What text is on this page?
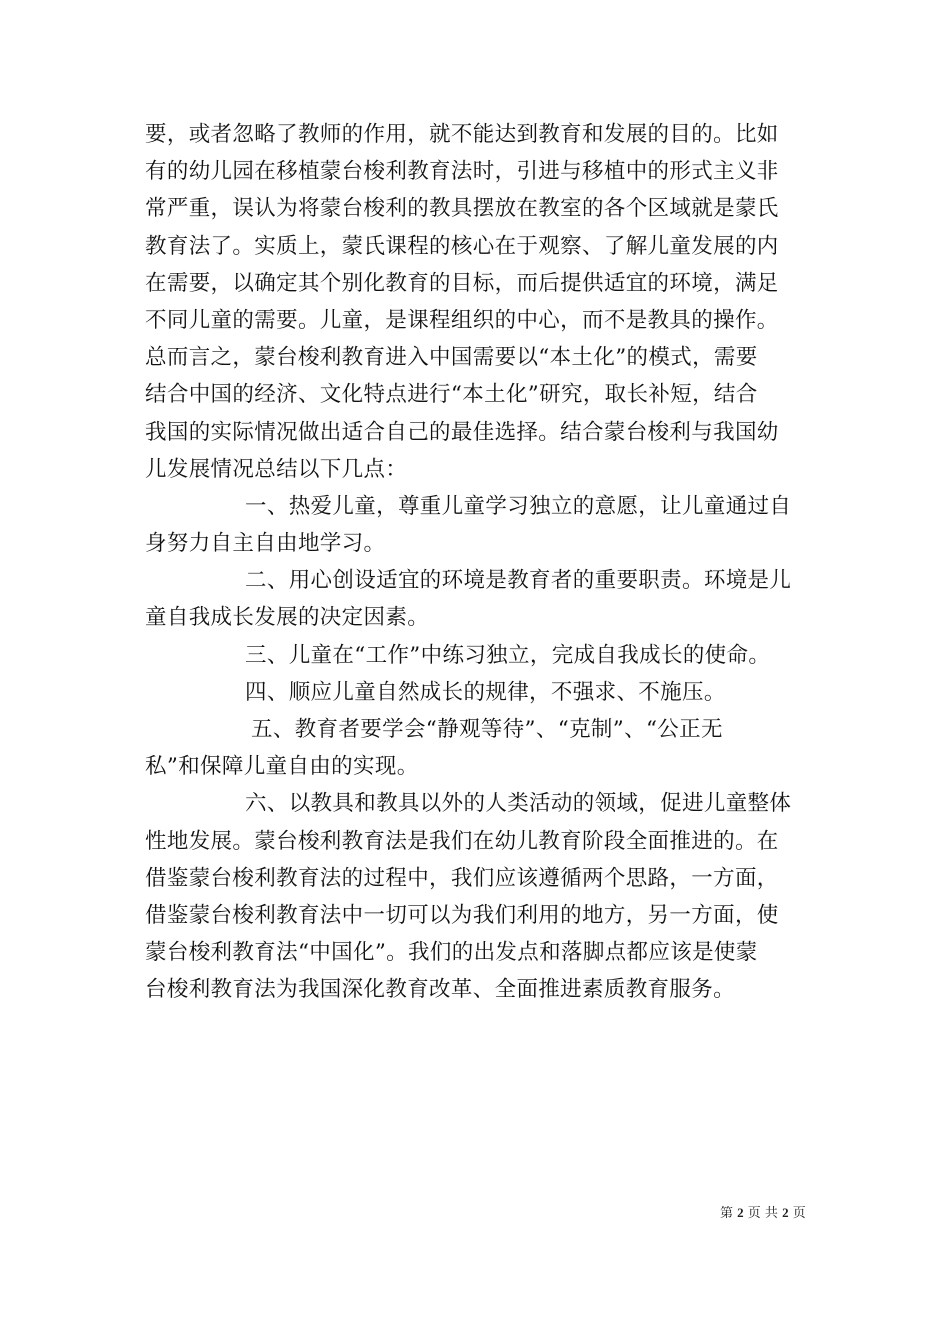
要，或者忽略了教师的作用，就不能达到教育和发展的目的。比如
有的幼儿园在移植蒙台梭利教育法时，引进与移植中的形式主义非
常严重，误认为将蒙台梭利的教具摆放在教室的各个区域就是蒙氏
教育法了。实质上，蒙氏课程的核心在于观察、了解儿童发展的内
在需要，以确定其个别化教育的目标，而后提供适宜的环境，满足
不同儿童的需要。儿童，是课程组织的中心，而不是教具的操作。
总而言之，蒙台梭利教育进入中国需要以“本土化”的模式，需要
结合中国的经济、文化特点进行“本土化”研究，取长补短，结合
我国的实际情况做出适合自己的最佳选择。结合蒙台梭利与我国幼
儿发展情况总结以下几点：
一、热爱儿童，尊重儿童学习独立的意愿，让儿童通过自
身努力自主自由地学习。
二、用心创设适宜的环境是教育者的重要职责。环境是儿
童自我成长发展的决定因素。
三、儿童在“工作”中练习独立，完成自我成长的使命。
四、顺应儿童自然成长的规律，不强求、不施压。
五、教育者要学会“静观等待”、“克制”、“公正无
私”和保障儿童自由的实现。
六、以教具和教具以外的人类活动的领域，促进儿童整体
性地发展。蒙台梭利教育法是我们在幼儿教育阶段全面推进的。在
借鉴蒙台梭利教育法的过程中，我们应该遵循两个思路，一方面，
借鉴蒙台梭利教育法中一切可以为我们利用的地方，另一方面，使
蒙台梭利教育法“中国化”。我们的出发点和落脚点都应该是使蒙
台梭利教育法为我国深化教育改革、全面推进素质教育服务。
第 2 页 共 2 页
